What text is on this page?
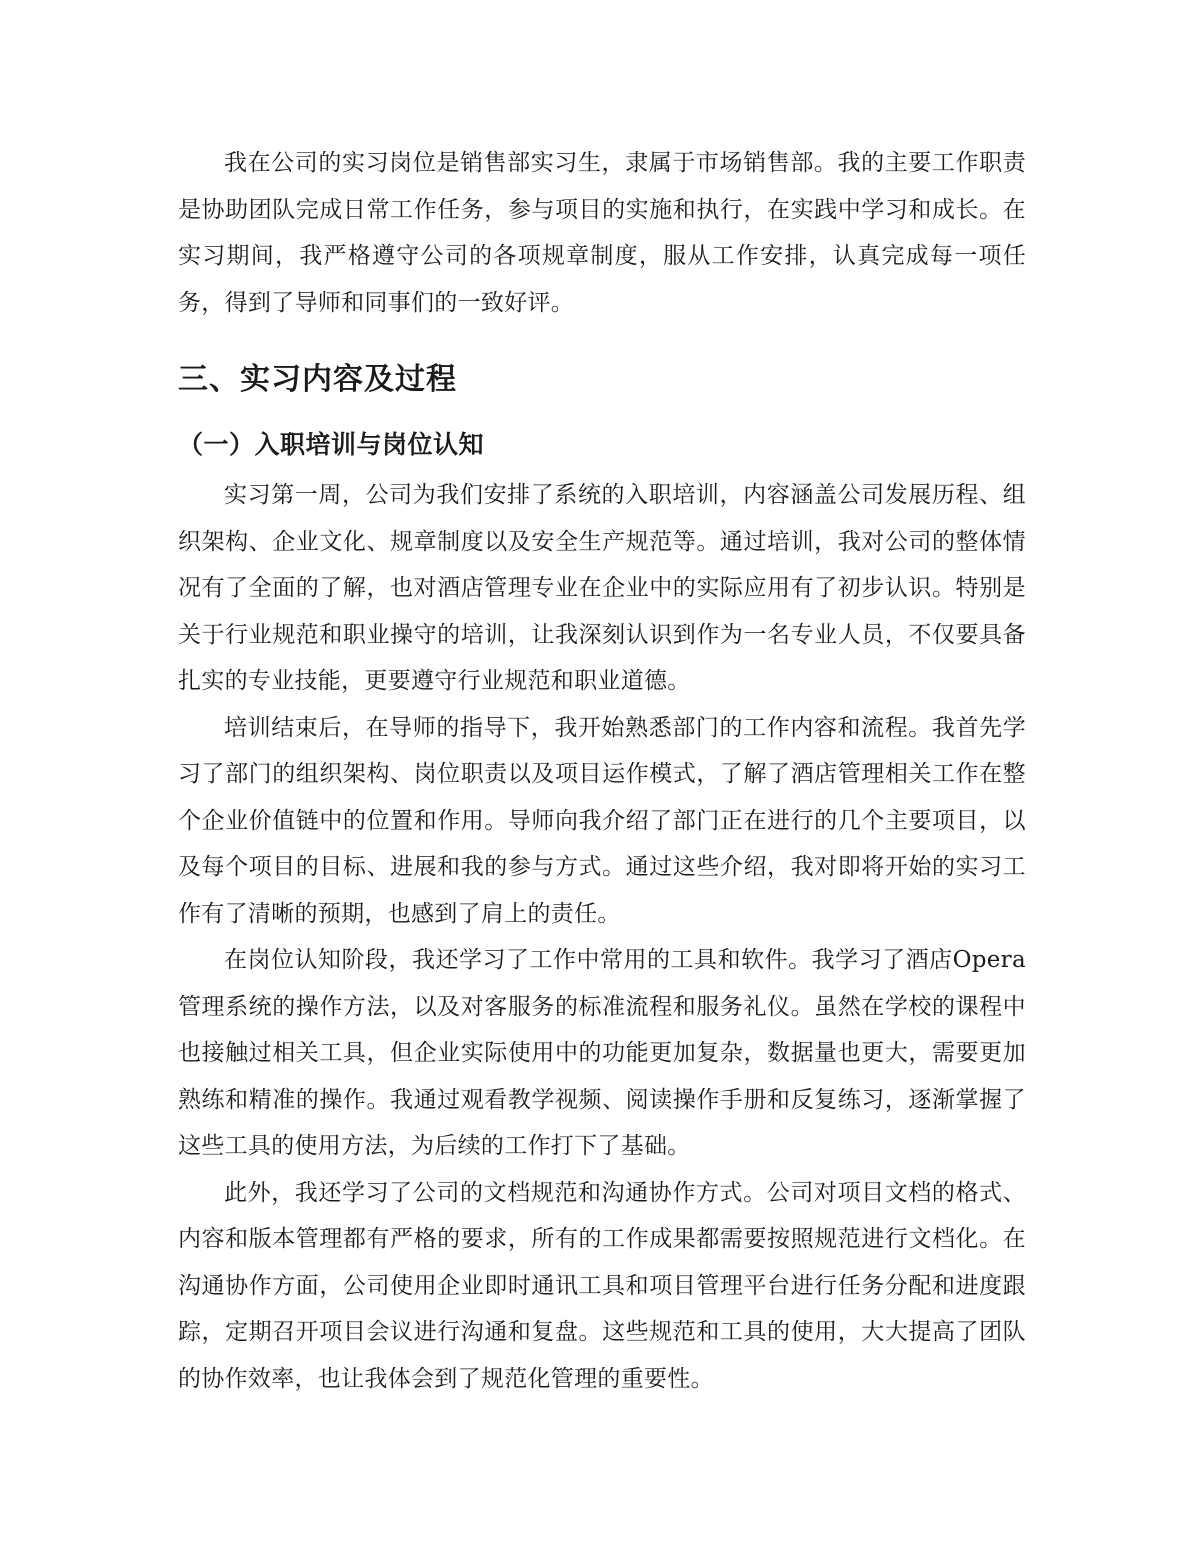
我在公司的实习岗位是销售部实习生，隶属于市场销售部。我的主要工作职责是协助团队完成日常工作任务，参与项目的实施和执行，在实践中学习和成长。在实习期间，我严格遵守公司的各项规章制度，服从工作安排，认真完成每一项任务，得到了导师和同事们的一致好评。

三、实习内容及过程
（一）入职培训与岗位认知

实习第一周，公司为我们安排了系统的入职培训，内容涵盖公司发展历程、组织架构、企业文化、规章制度以及安全生产规范等。通过培训，我对公司的整体情况有了全面的了解，也对酒店管理专业在企业中的实际应用有了初步认识。特别是关于行业规范和职业操守的培训，让我深刻认识到作为一名专业人员，不仅要具备扎实的专业技能，更要遵守行业规范和职业道德。

培训结束后，在导师的指导下，我开始熟悉部门的工作内容和流程。我首先学习了部门的组织架构、岗位职责以及项目运作模式，了解了酒店管理相关工作在整个企业价值链中的位置和作用。导师向我介绍了部门正在进行的几个主要项目，以及每个项目的目标、进展和我的参与方式。通过这些介绍，我对即将开始的实习工作有了清晰的预期，也感到了肩上的责任。

在岗位认知阶段，我还学习了工作中常用的工具和软件。我学习了酒店Opera管理系统的操作方法，以及对客服务的标准流程和服务礼仪。虽然在学校的课程中也接触过相关工具，但企业实际使用中的功能更加复杂，数据量也更大，需要更加熟练和精准的操作。我通过观看教学视频、阅读操作手册和反复练习，逐渐掌握了这些工具的使用方法，为后续的工作打下了基础。

此外，我还学习了公司的文档规范和沟通协作方式。公司对项目文档的格式、内容和版本管理都有严格的要求，所有的工作成果都需要按照规范进行文档化。在沟通协作方面，公司使用企业即时通讯工具和项目管理平台进行任务分配和进度跟踪，定期召开项目会议进行沟通和复盘。这些规范和工具的使用，大大提高了团队的协作效率，也让我体会到了规范化管理的重要性。
